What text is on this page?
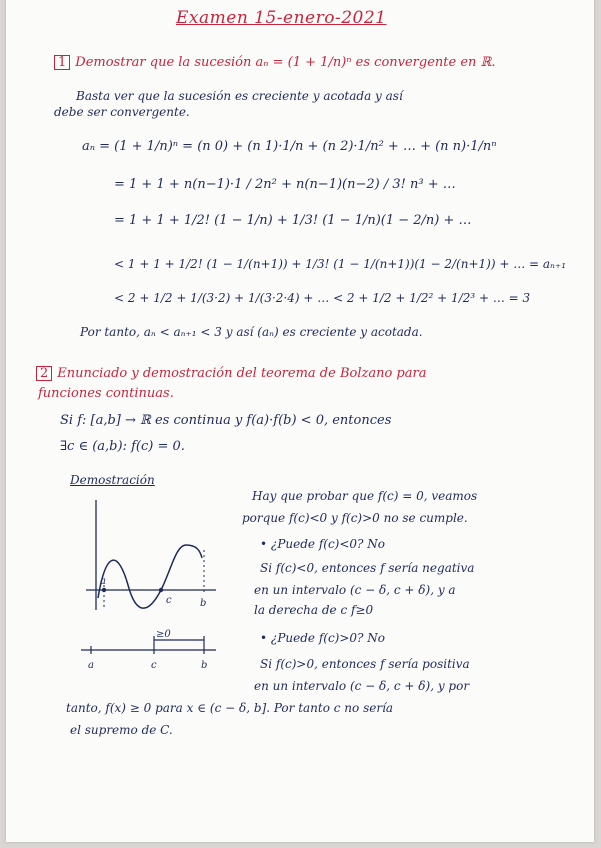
Examen 15-enero-2021
1 Demostrar que la sucesión aₙ = (1 + 1/n)ⁿ es convergente en ℝ.
Basta ver que la sucesión es creciente y acotada y así
debe ser convergente.
aₙ = (1 + 1/n)ⁿ = (n 0) + (n 1)·1/n + (n 2)·1/n² + … + (n n)·1/nⁿ
= 1 + 1 + n(n−1)·1 / 2n² + n(n−1)(n−2) / 3! n³ + …
= 1 + 1 + 1/2! (1 − 1/n) + 1/3! (1 − 1/n)(1 − 2/n) + …
< 1 + 1 + 1/2! (1 − 1/(n+1)) + 1/3! (1 − 1/(n+1))(1 − 2/(n+1)) + … = aₙ₊₁
< 2 + 1/2 + 1/(3·2) + 1/(3·2·4) + … < 2 + 1/2 + 1/2² + 1/2³ + … = 3
Por tanto, aₙ < aₙ₊₁ < 3 y así (aₙ) es creciente y acotada.
2 Enunciado y demostración del teorema de Bolzano para
funciones continuas.
Si f: [a,b] → ℝ es continua y f(a)·f(b) < 0, entonces
∃c ∈ (a,b): f(c) = 0.
Demostración
Hay que probar que f(c) = 0, veamos
porque f(c)<0 y f(c)>0 no se cumple.
• ¿Puede f(c)<0? No
Si f(c)<0, entonces f sería negativa
en un intervalo (c − δ, c + δ), y a
la derecha de c f≥0
• ¿Puede f(c)>0? No
Si f(c)>0, entonces f sería positiva
en un intervalo (c − δ, c + δ), y por
tanto, f(x) ≥ 0 para x ∈ (c − δ, b]. Por tanto c no sería
el supremo de C.
a
c	b
≥0
a	c	b
